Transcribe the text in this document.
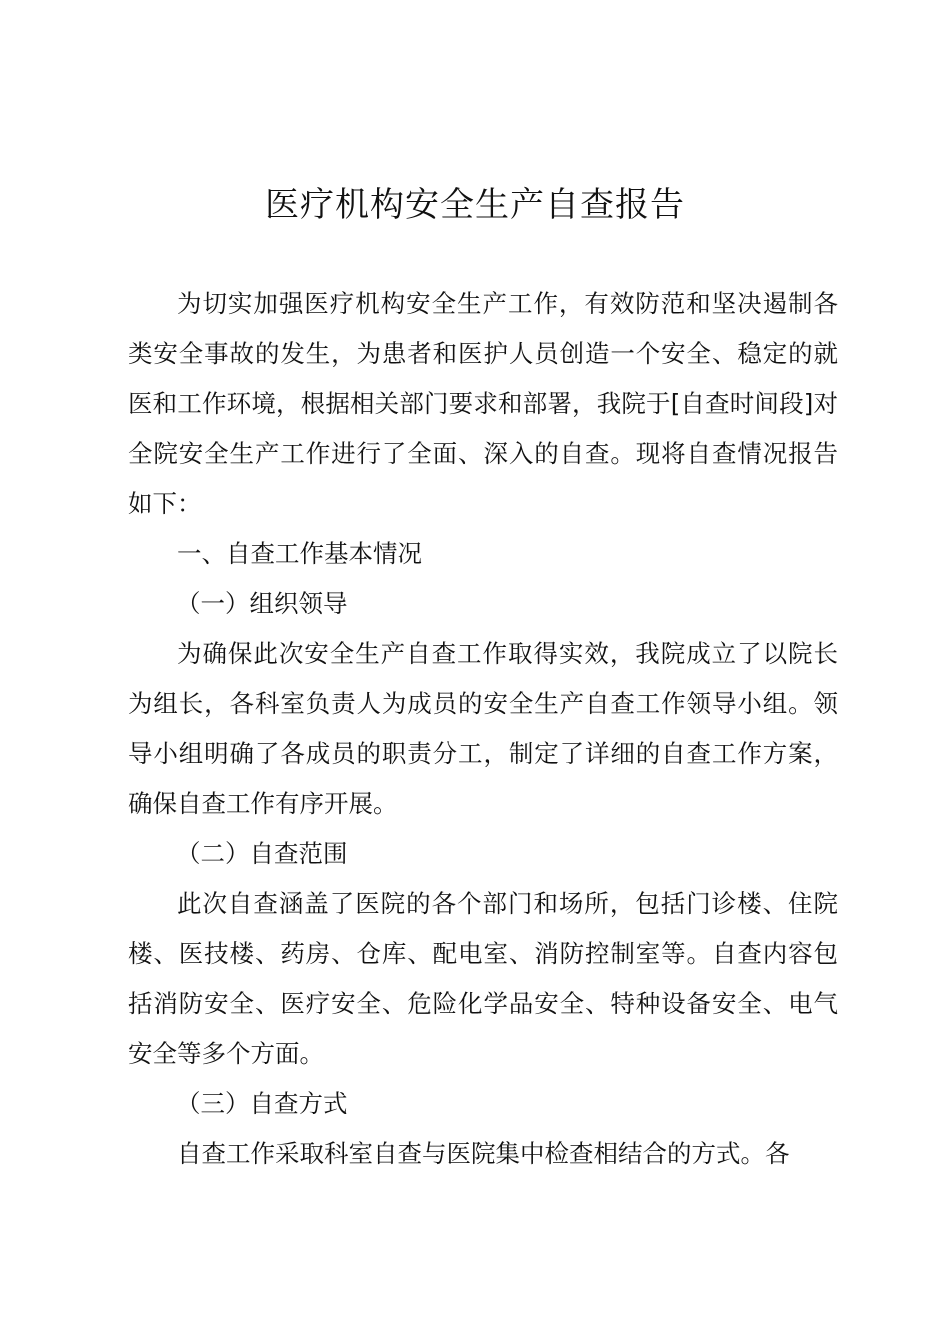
医疗机构安全生产自查报告

为切实加强医疗机构安全生产工作，有效防范和坚决遏制各类安全事故的发生，为患者和医护人员创造一个安全、稳定的就医和工作环境，根据相关部门要求和部署，我院于[自查时间段]对全院安全生产工作进行了全面、深入的自查。现将自查情况报告如下：

一、自查工作基本情况

（一）组织领导

为确保此次安全生产自查工作取得实效，我院成立了以院长为组长，各科室负责人为成员的安全生产自查工作领导小组。领导小组明确了各成员的职责分工，制定了详细的自查工作方案，确保自查工作有序开展。

（二）自查范围

此次自查涵盖了医院的各个部门和场所，包括门诊楼、住院楼、医技楼、药房、仓库、配电室、消防控制室等。自查内容包括消防安全、医疗安全、危险化学品安全、特种设备安全、电气安全等多个方面。

（三）自查方式

自查工作采取科室自查与医院集中检查相结合的方式。各
